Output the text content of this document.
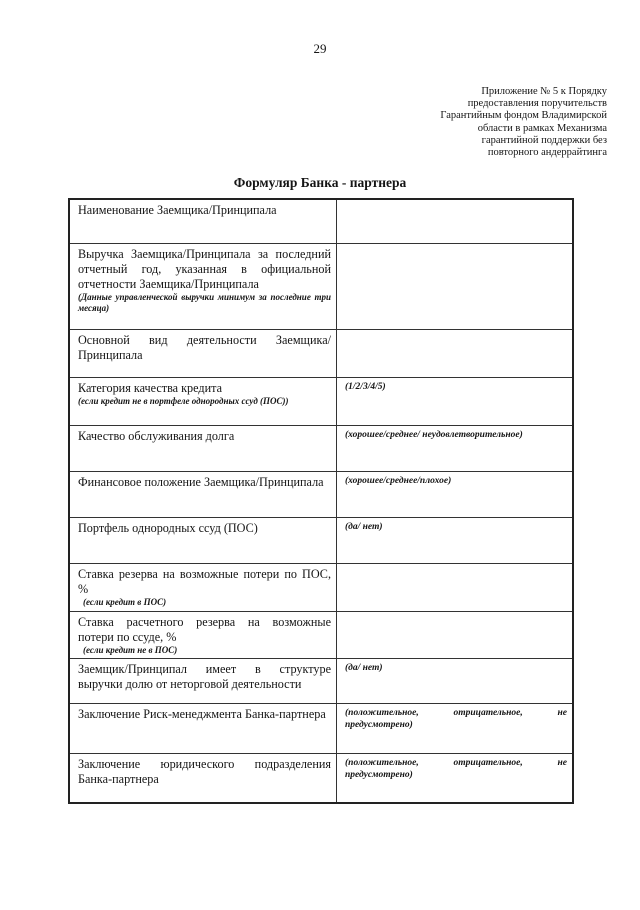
29
Приложение № 5 к Порядку
предоставления поручительств
Гарантийным фондом Владимирской
области в рамках Механизма
гарантийной поддержки без
повторного андеррайтинга
Формуляр Банка - партнера
Наименование Заемщика/Принципала	
Выручка Заемщика/Принципала за последний отчетный год, указанная в официальной отчетности Заемщика/Принципала
(Данные управленческой выручки минимум за последние три месяца)	

Основной вид деятельности Заемщика/Принципала	
Категория качества кредита
(если кредит не в портфеле однородных ссуд (ПОС))	(1/2/3/4/5)
Качество обслуживания долга	(хорошее/среднее/ неудовлетворительное)
Финансовое положение Заемщика/Принципала	(хорошее/среднее/плохое)
Портфель однородных ссуд (ПОС)	(да/ нет)
Ставка резерва на возможные потери по ПОС, %
(если кредит в ПОС)	

Ставка расчетного резерва на возможные потери по ссуде, %
(если кредит не в ПОС)	

Заемщик/Принципал имеет в структуре выручки долю от неторговой деятельности	(да/ нет)
Заключение Риск-менеджмента Банка-партнера	(положительное, отрицательное, не
предусмотрено)

Заключение юридического подразделения Банка-партнера	(положительное, отрицательное, не
предусмотрено)
